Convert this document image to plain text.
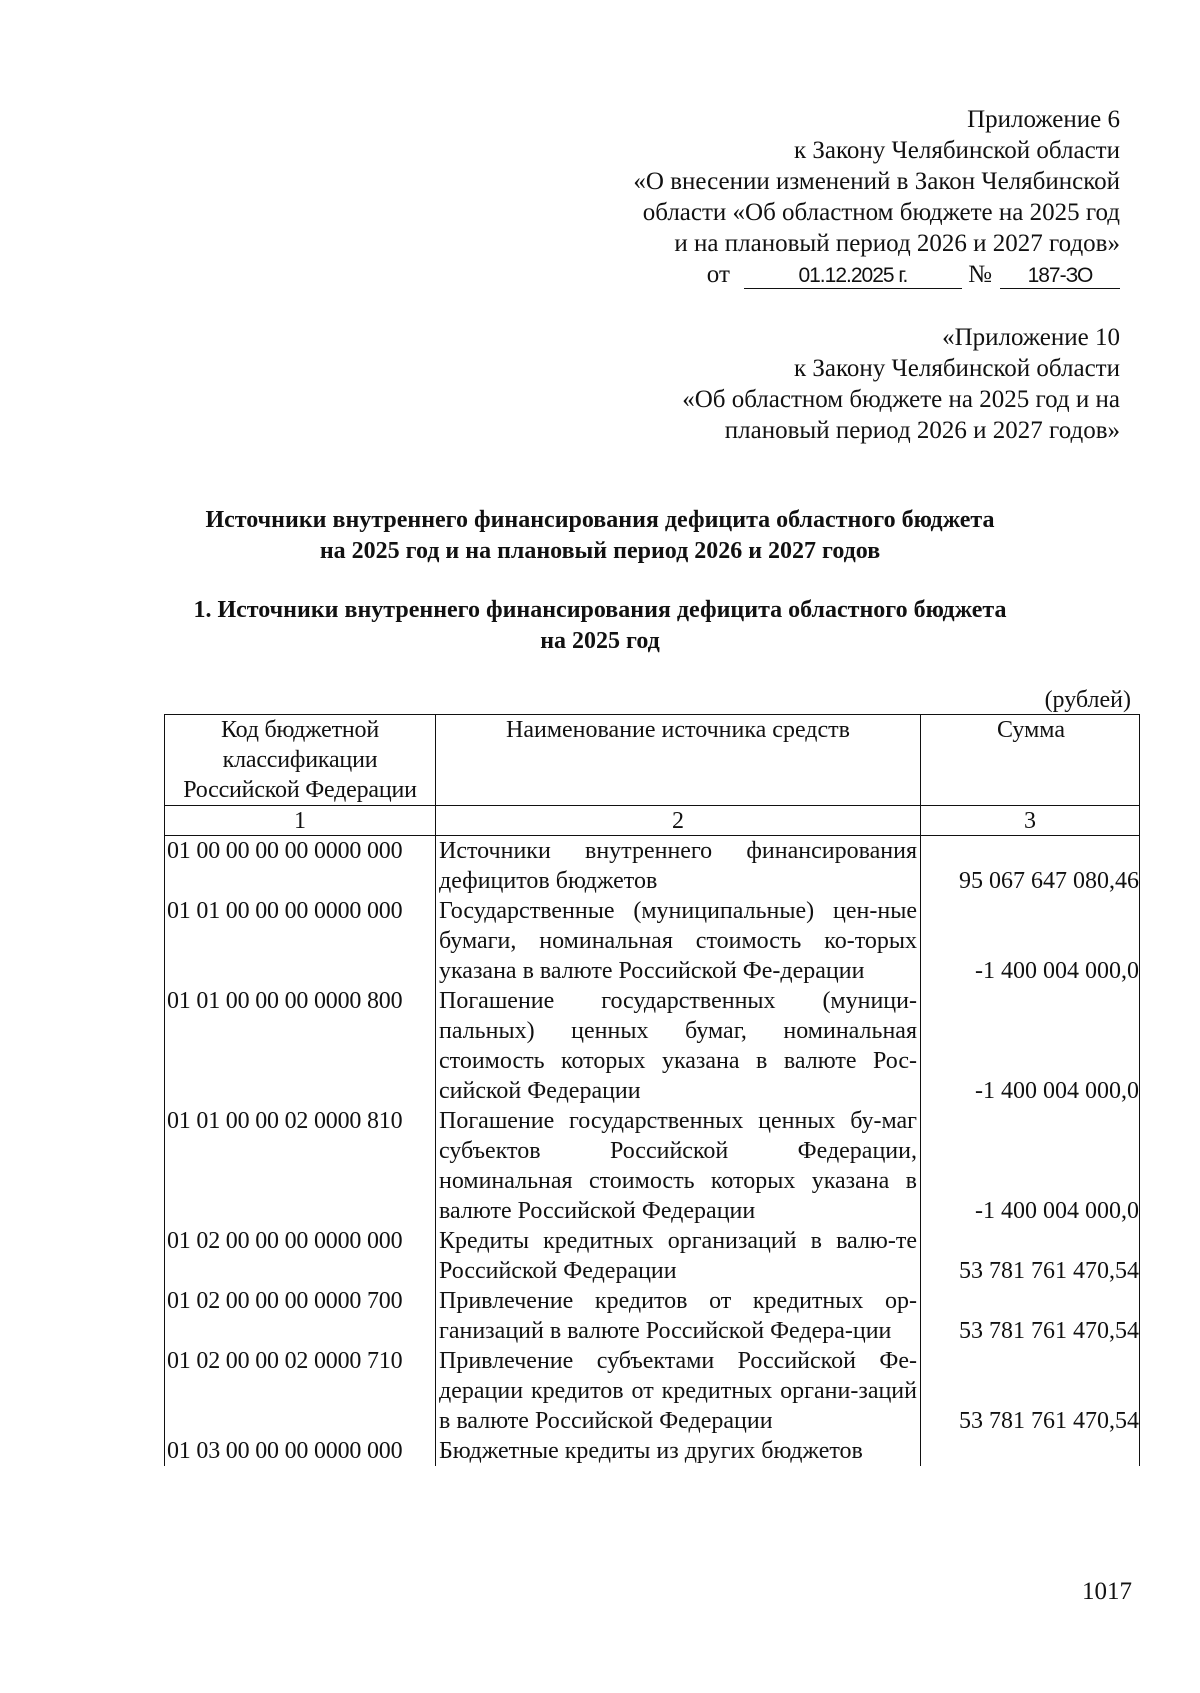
Приложение 6
к Закону Челябинской области
«О внесении изменений в Закон Челябинской
области «Об областном бюджете на 2025 год
и на плановый период 2026 и 2027 годов»
от	01.12.2025 г. № 187-ЗО
«Приложение 10
к Закону Челябинской области
«Об областном бюджете на 2025 год и на
плановый период 2026 и 2027 годов»
Источники внутреннего финансирования дефицита областного бюджета
на 2025 год и на плановый период 2026 и 2027 годов
1. Источники внутреннего финансирования дефицита областного бюджета
на 2025 год
(рублей)
Код бюджетной классификации Российской Федерации	Наименование источника средств	Сумма
1	2	3
01 00 00 00 00 0000 000	Источники внутреннего финансирования дефицитов бюджетов	95 067 647 080,46
01 01 00 00 00 0000 000	Государственные (муниципальные) цен-ные бумаги, номинальная стоимость ко-торых указана в валюте Российской Фе-дерации	-1 400 004 000,0
01 01 00 00 00 0000 800	Погашение государственных (муници-пальных) ценных бумаг, номинальная стоимость которых указана в валюте Рос-сийской Федерации	-1 400 004 000,0
01 01 00 00 02 0000 810	Погашение государственных ценных бу-маг субъектов Российской Федерации, номинальная стоимость которых указана в валюте Российской Федерации	-1 400 004 000,0
01 02 00 00 00 0000 000	Кредиты кредитных организаций в валю-те Российской Федерации	53 781 761 470,54
01 02 00 00 00 0000 700	Привлечение кредитов от кредитных ор-ганизаций в валюте Российской Федера-ции	53 781 761 470,54
01 02 00 00 02 0000 710	Привлечение субъектами Российской Фе-дерации кредитов от кредитных органи-заций в валюте Российской Федерации	53 781 761 470,54
01 03 00 00 00 0000 000	Бюджетные кредиты из других бюджетов	
1017
